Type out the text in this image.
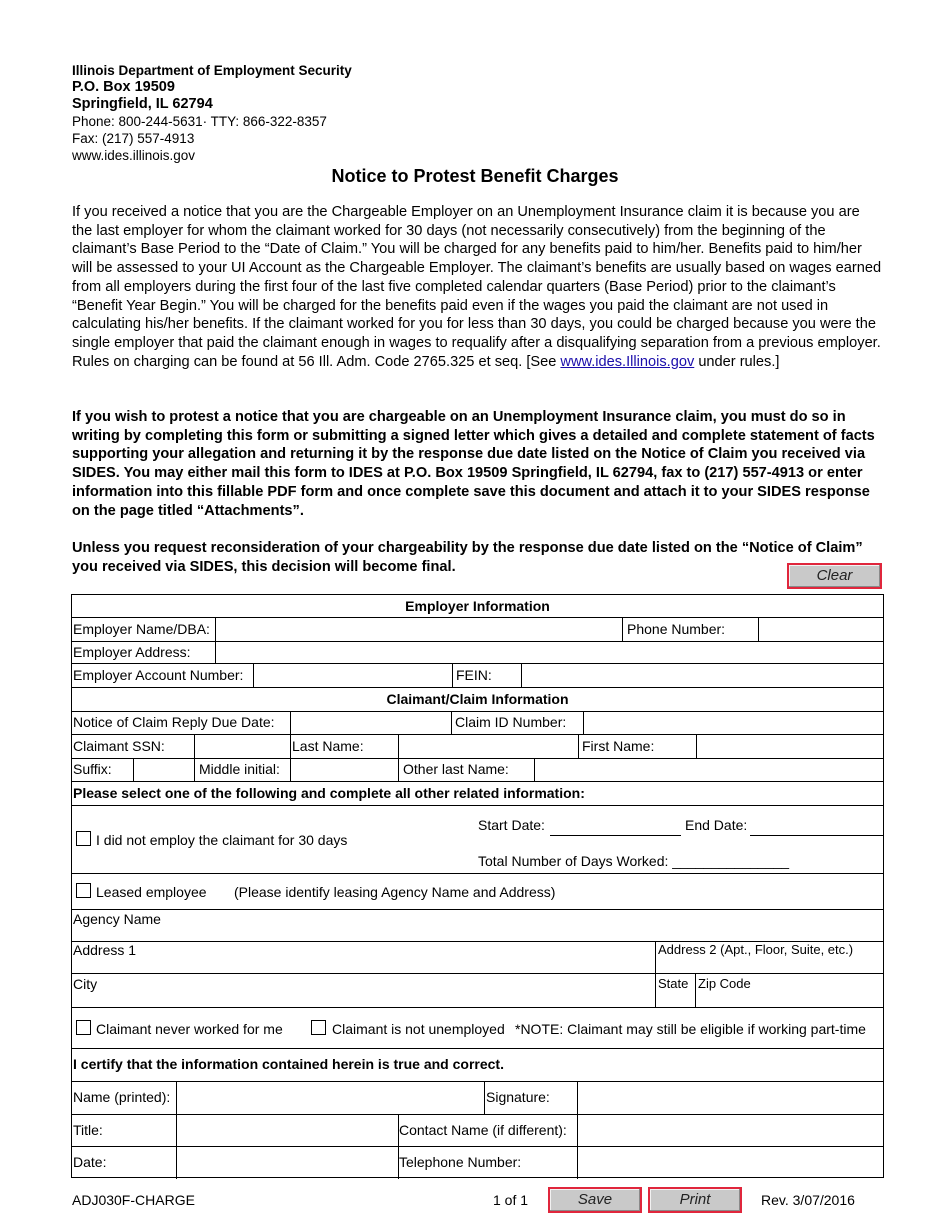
Illinois Department of Employment Security
P.O. Box 19509
Springfield, IL 62794
Phone: 800-244-5631· TTY: 866-322-8357
Fax: (217) 557-4913
www.ides.illinois.gov
Notice to Protest Benefit Charges
If you received a notice that you are the Chargeable Employer on an Unemployment Insurance claim it is because you are the last employer for whom the claimant worked for 30 days (not necessarily consecutively) from the beginning of the claimant’s Base Period to the “Date of Claim.” You will be charged for any benefits paid to him/her. Benefits paid to him/her will be assessed to your UI Account as the Chargeable Employer. The claimant’s benefits are usually based on wages earned from all employers during the first four of the last five completed calendar quarters (Base Period) prior to the claimant’s “Benefit Year Begin.” You will be charged for the benefits paid even if the wages you paid the claimant are not used in calculating his/her benefits. If the claimant worked for you for less than 30 days, you could be charged because you were the single employer that paid the claimant enough in wages to requalify after a disqualifying separation from a previous employer. Rules on charging can be found at 56 Ill. Adm. Code 2765.325 et seq. [See www.ides.Illinois.gov under rules.]
If you wish to protest a notice that you are chargeable on an Unemployment Insurance claim, you must do so in writing by completing this form or submitting a signed letter which gives a detailed and complete statement of facts supporting your allegation and returning it by the response due date listed on the Notice of Claim you received via SIDES. You may either mail this form to IDES at P.O. Box 19509 Springfield, IL 62794, fax to (217) 557-4913 or enter information into this fillable PDF form and once complete save this document and attach it to your SIDES response on the page titled “Attachments”.
Unless you request reconsideration of your chargeability by the response due date listed on the “Notice of Claim” you received via SIDES, this decision will become final.
Clear
Employer Information
Employer Name/DBA:	Phone Number:
Employer Address:
Employer Account Number:	FEIN:
Claimant/Claim Information
Notice of Claim Reply Due Date:	Claim ID Number:
Claimant SSN:	Last Name:	First Name:
Suffix:	Middle initial:	Other last Name:
Please select one of the following and complete all other related information:
I did not employ the claimant for 30 days
Start Date:	End Date:
Total Number of Days Worked: _______________
Leased employee (Please identify leasing Agency Name and Address)
Agency Name
Address 1	Address 2 (Apt., Floor, Suite, etc.)
City	State Zip Code
Claimant never worked for me	Claimant is not unemployed *NOTE: Claimant may still be eligible if working part-time
I certify that the information contained herein is true and correct.
Name (printed):	Signature:
Title:	Contact Name (if different):
Date:	Telephone Number:
ADJ030F-CHARGE	1 of 1	Save	Print	Rev. 3/07/2016
